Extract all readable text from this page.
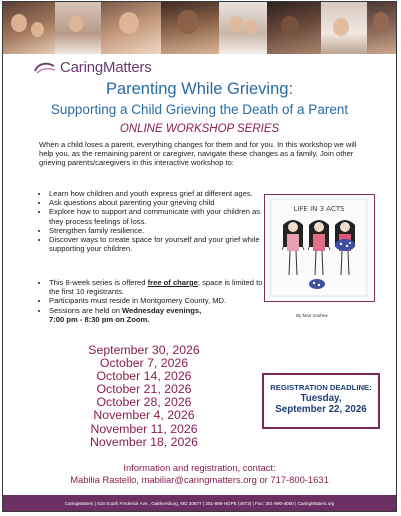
CaringMatters
Parenting While Grieving:
Supporting a Child Grieving the Death of a Parent
ONLINE WORKSHOP SERIES
When a child loses a parent, everything changes for them and for you. In this workshop we will help you, as the remaining parent or caregiver, navigate these changes as a family. Join other grieving parents/caregivers in this interactive workshop to:
• Learn how children and youth express grief at different ages.
• Ask questions about parenting your grieving child
• Explore how to support and communicate with your children as they process feelings of loss.
• Strengthen family resilience.
• Discover ways to create space for yourself and your grief while supporting your children.
• This 8-week series is offered free of charge; space is limited to the first 10 registrants.
• Participants must reside in Montgomery County, MD.
• Sessions are held on Wednesday evenings,
7:00 pm - 8:30 pm on Zoom.
LIFE IN 3 ACTS
By Mari Andrew
September 30, 2026
October 7, 2026
October 14, 2026
October 21, 2026
October 28, 2026
November 4, 2026
November 11, 2026
November 18, 2026
REGISTRATION DEADLINE:
Tuesday,
September 22, 2026
Information and registration, contact:
Mabilia Rastello, mabiliar@caringmatters.org or 717-800-1631
CaringMatters | 518 South Frederick Ave., Gaithersburg, MD 20877 | 301-869-HOPE (4673) | Fax: 301-990-4000 | CaringMatters.org
